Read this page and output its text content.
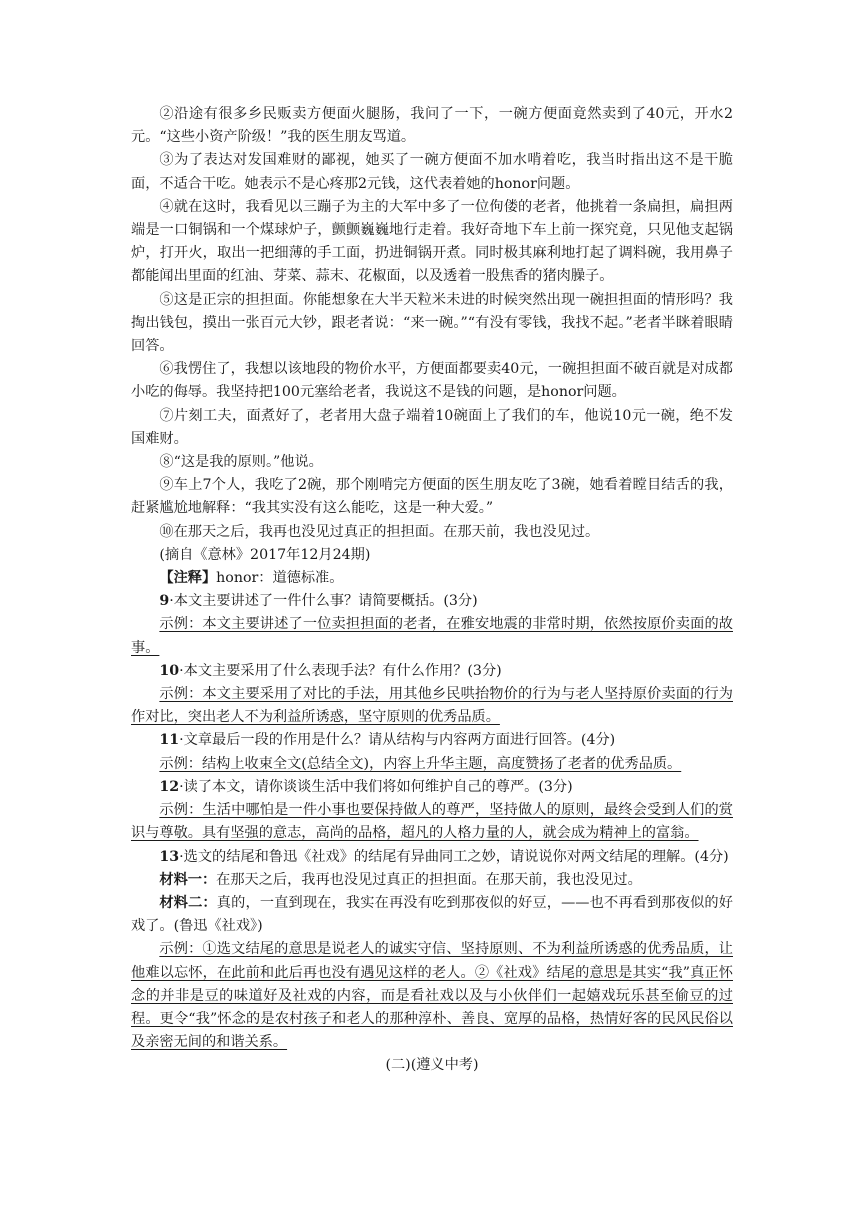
②沿途有很多乡民贩卖方便面火腿肠，我问了一下，一碗方便面竟然卖到了40元，开水2元。“这些小资产阶级！”我的医生朋友骂道。

③为了表达对发国难财的鄙视，她买了一碗方便面不加水啃着吃，我当时指出这不是干脆面，不适合干吃。她表示不是心疼那2元钱，这代表着她的honor问题。

④就在这时，我看见以三蹦子为主的大军中多了一位佝偻的老者，他挑着一条扁担，扁担两端是一口铜锅和一个煤球炉子，颤颤巍巍地行走着。我好奇地下车上前一探究竟，只见他支起锅炉，打开火，取出一把细薄的手工面，扔进铜锅开煮。同时极其麻利地打起了调料碗，我用鼻子都能闻出里面的红油、芽菜、蒜末、花椒面，以及透着一股焦香的猪肉臊子。

⑤这是正宗的担担面。你能想象在大半天粒米未进的时候突然出现一碗担担面的情形吗？我掏出钱包，摸出一张百元大钞，跟老者说：“来一碗。”“有没有零钱，我找不起。”老者半眯着眼睛回答。

⑥我愣住了，我想以该地段的物价水平，方便面都要卖40元，一碗担担面不破百就是对成都小吃的侮辱。我坚持把100元塞给老者，我说这不是钱的问题，是honor问题。

⑦片刻工夫，面煮好了，老者用大盘子端着10碗面上了我们的车，他说10元一碗，绝不发国难财。

⑧“这是我的原则。”他说。

⑨车上7个人，我吃了2碗，那个刚啃完方便面的医生朋友吃了3碗，她看着瞠目结舌的我，赶紧尴尬地解释：“我其实没有这么能吃，这是一种大爱。”

⑩在那天之后，我再也没见过真正的担担面。在那天前，我也没见过。

(摘自《意林》2017年12月24期)

【注释】honor：道德标准。

9·本文主要讲述了一件什么事？请简要概括。(3分)

示例：本文主要讲述了一位卖担担面的老者，在雅安地震的非常时期，依然按原价卖面的故事。

10·本文主要采用了什么表现手法？有什么作用？(3分)

示例：本文主要采用了对比的手法，用其他乡民哄抬物价的行为与老人坚持原价卖面的行为作对比，突出老人不为利益所诱惑，坚守原则的优秀品质。

11·文章最后一段的作用是什么？请从结构与内容两方面进行回答。(4分)

示例：结构上收束全文(总结全文)，内容上升华主题，高度赞扬了老者的优秀品质。

12·读了本文，请你谈谈生活中我们将如何维护自己的尊严。(3分)

示例：生活中哪怕是一件小事也要保持做人的尊严，坚持做人的原则，最终会受到人们的赏识与尊敬。具有坚强的意志，高尚的品格，超凡的人格力量的人，就会成为精神上的富翁。

13·选文的结尾和鲁迅《社戏》的结尾有异曲同工之妙，请说说你对两文结尾的理解。(4分)

材料一：在那天之后，我再也没见过真正的担担面。在那天前，我也没见过。

材料二：真的，一直到现在，我实在再没有吃到那夜似的好豆，——也不再看到那夜似的好戏了。(鲁迅《社戏》)

示例：①选文结尾的意思是说老人的诚实守信、坚持原则、不为利益所诱惑的优秀品质，让他难以忘怀，在此前和此后再也没有遇见这样的老人。②《社戏》结尾的意思是其实“我”真正怀念的并非是豆的味道好及社戏的内容，而是看社戏以及与小伙伴们一起嬉戏玩乐甚至偷豆的过程。更令“我”怀念的是农村孩子和老人的那种淳朴、善良、宽厚的品格，热情好客的民风民俗以及亲密无间的和谐关系。

(二)(遵义中考)
